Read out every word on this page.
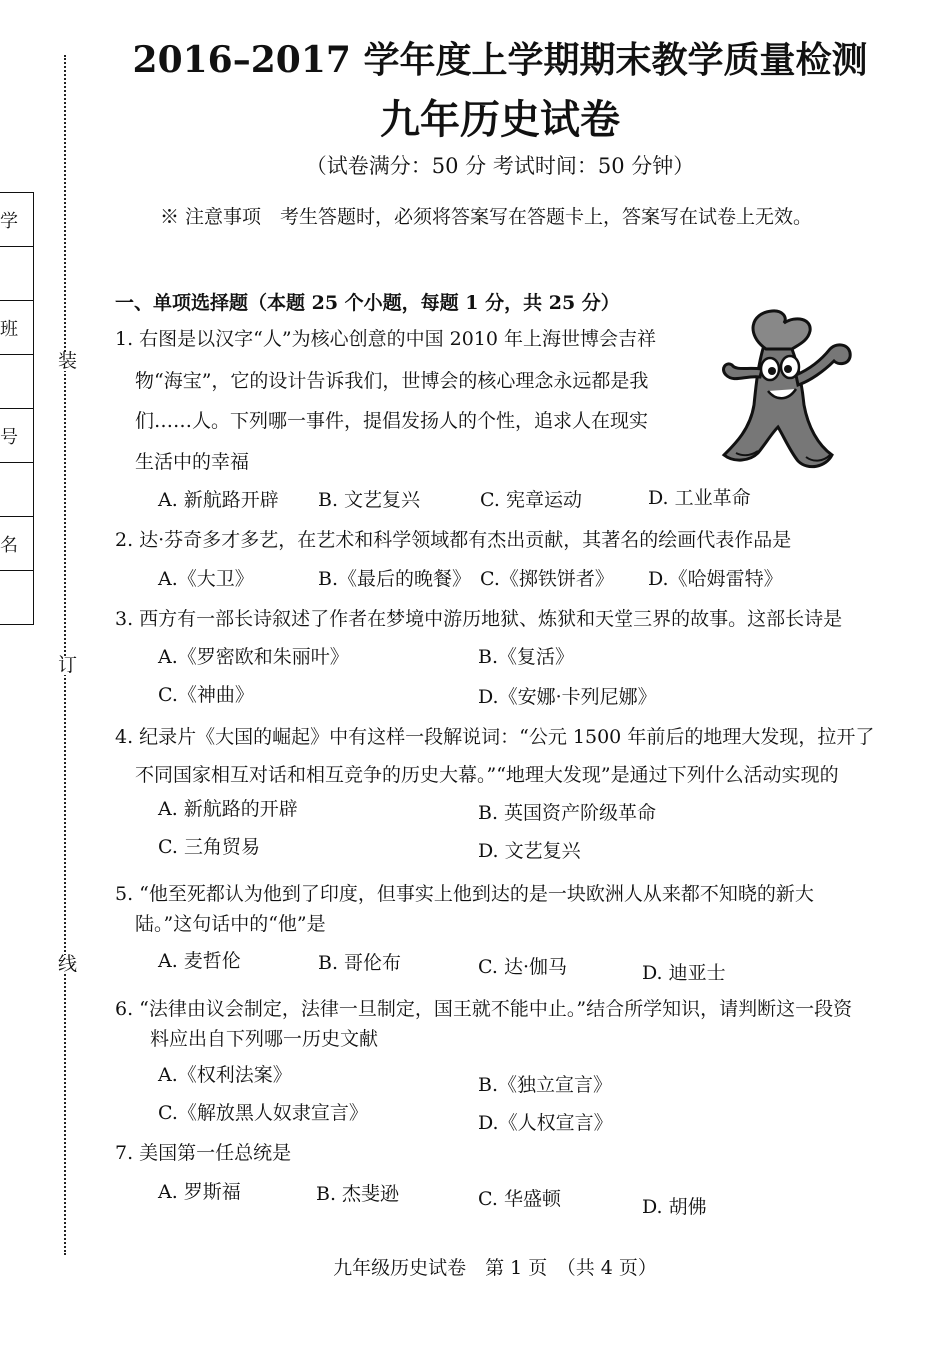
装
订
线
学

班

号

名

2016–2017 学年度上学期期末教学质量检测
九年历史试卷
（试卷满分：50 分 考试时间：50 分钟）
※ 注意事项　考生答题时，必须将答案写在答题卡上，答案写在试卷上无效。
一、单项选择题（本题 25 个小题，每题 1 分，共 25 分）
1. 右图是以汉字“人”为核心创意的中国 2010 年上海世博会吉祥
物“海宝”，它的设计告诉我们，世博会的核心理念永远都是我
们……人。下列哪一事件，提倡发扬人的个性，追求人在现实
生活中的幸福
A. 新航路开辟 B. 文艺复兴	C. 宪章运动	D. 工业革命
2. 达·芬奇多才多艺，在艺术和科学领域都有杰出贡献，其著名的绘画代表作品是
A.《大卫》	B.《最后的晚餐》 C.《掷铁饼者》 D.《哈姆雷特》
3. 西方有一部长诗叙述了作者在梦境中游历地狱、炼狱和天堂三界的故事。这部长诗是
A.《罗密欧和朱丽叶》	B.《复活》
C.《神曲》	D.《安娜·卡列尼娜》
4. 纪录片《大国的崛起》中有这样一段解说词：“公元 1500 年前后的地理大发现，拉开了
不同国家相互对话和相互竞争的历史大幕。”“地理大发现”是通过下列什么活动实现的
A. 新航路的开辟	B. 英国资产阶级革命
C. 三角贸易	D. 文艺复兴
5. “他至死都认为他到了印度，但事实上他到达的是一块欧洲人从来都不知晓的新大
陆。”这句话中的“他”是
A. 麦哲伦	B. 哥伦布	C. 达·伽马	D. 迪亚士
6. “法律由议会制定，法律一旦制定，国王就不能中止。”结合所学知识，请判断这一段资
料应出自下列哪一历史文献
A.《权利法案》	B.《独立宣言》
C.《解放黑人奴隶宣言》	D.《人权宣言》
7. 美国第一任总统是
A. 罗斯福	B. 杰斐逊	C. 华盛顿	D. 胡佛
九年级历史试卷　第 1 页　（共 4 页）
